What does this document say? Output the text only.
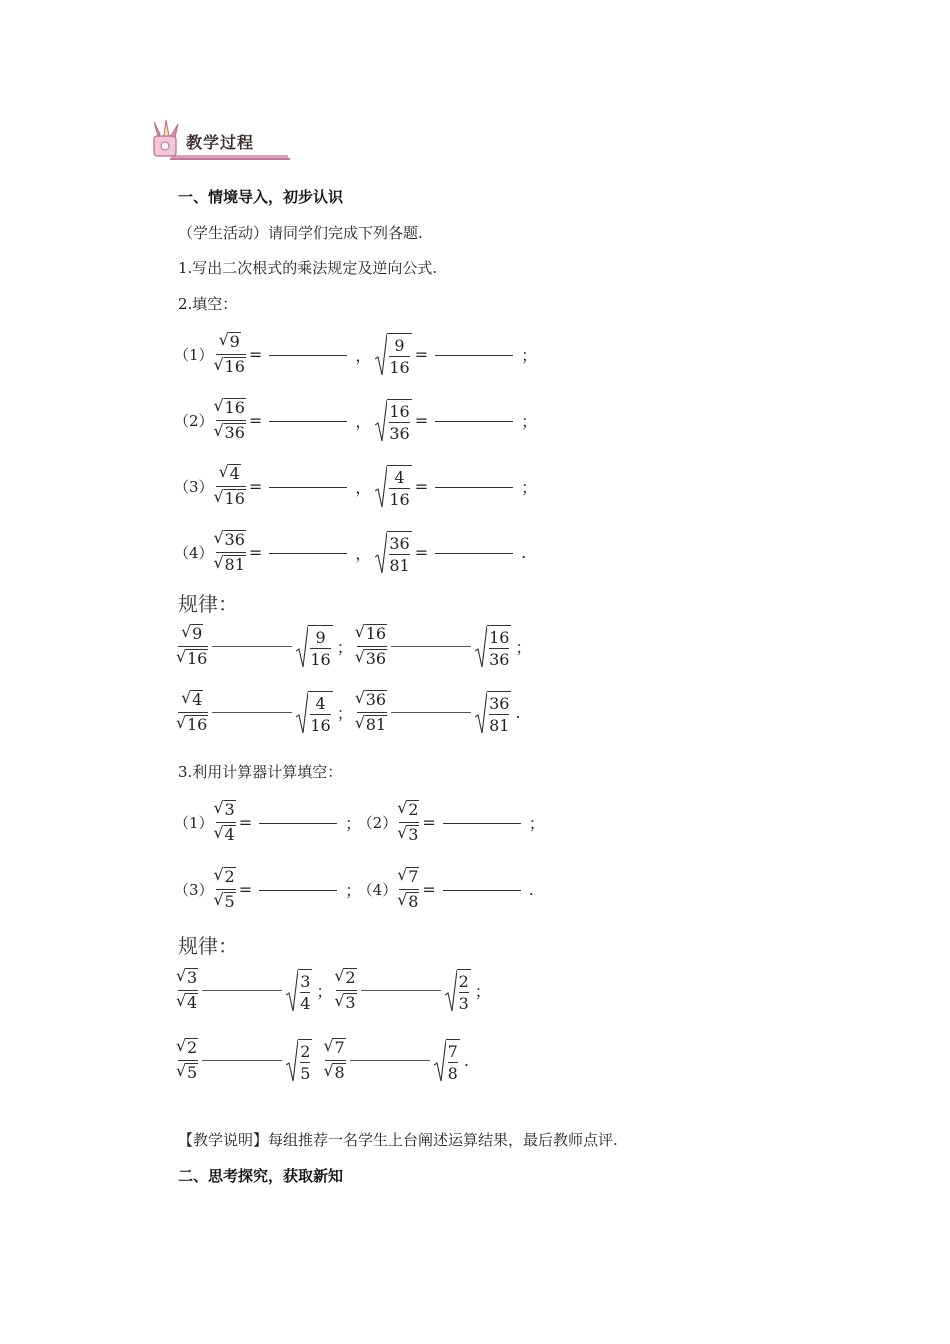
教学过程
一、情境导入，初步认识
（学生活动）请同学们完成下列各题.
1.写出二次根式的乘法规定及逆向公式.
2.填空：
（1） √ 9
√ 16 =	， $\frac{9}{16}$ =	；
（2） √ 16
√ 36 =	， $\frac{16}{36}$ =	；
（3） √ 4
√ 16 =	， $\frac{4}{16}$ =	；
（4） √ 36
√ 81 =	， $\frac{36}{81}$ =	.
规律：
√ 9
√ 16	$\frac{9}{16}$ ； √ 16
√ 36	$\frac{16}{36}$ ；
√ 4
√ 16	$\frac{4}{16}$ ； √ 36
√ 81	$\frac{36}{81}$ .
3.利用计算器计算填空：
（1） √ 3
√ 4 =	； （2） √ 2
√ 3 =	；
（3） √ 2
√ 5 =	； （4） √ 7
√ 8 =	.
规律：
√ 3
√ 4	$\frac{3}{4}$ ； √ 2
√ 3	$\frac{2}{3}$ ；
√ 2
√ 5	$\frac{2}{5}$
√ 7
√ 8	$\frac{7}{8}$ .
【教学说明】每组推荐一名学生上台阐述运算结果，最后教师点评.
二、思考探究，获取新知
